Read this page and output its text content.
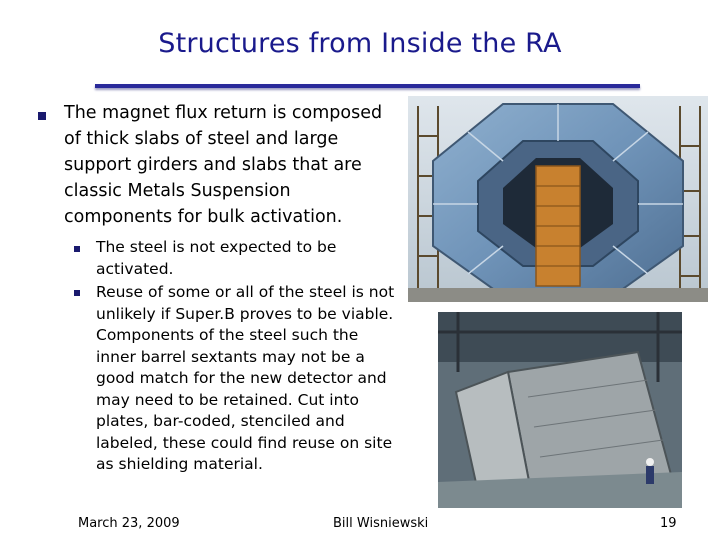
Structures from Inside the RA
The magnet flux return is composed of thick slabs of steel and large support girders and slabs that are classic Metals Suspension components for bulk activation.
The steel is not expected to be activated.
Reuse of some or all of the steel is not unlikely if Super.B proves to be viable. Components of the steel such the inner barrel sextants may not be a good match for the new detector and may need to be retained. Cut into plates, bar-coded, stenciled and labeled, these could find reuse on site as shielding material.
March 23, 2009	Bill Wisniewski	19
